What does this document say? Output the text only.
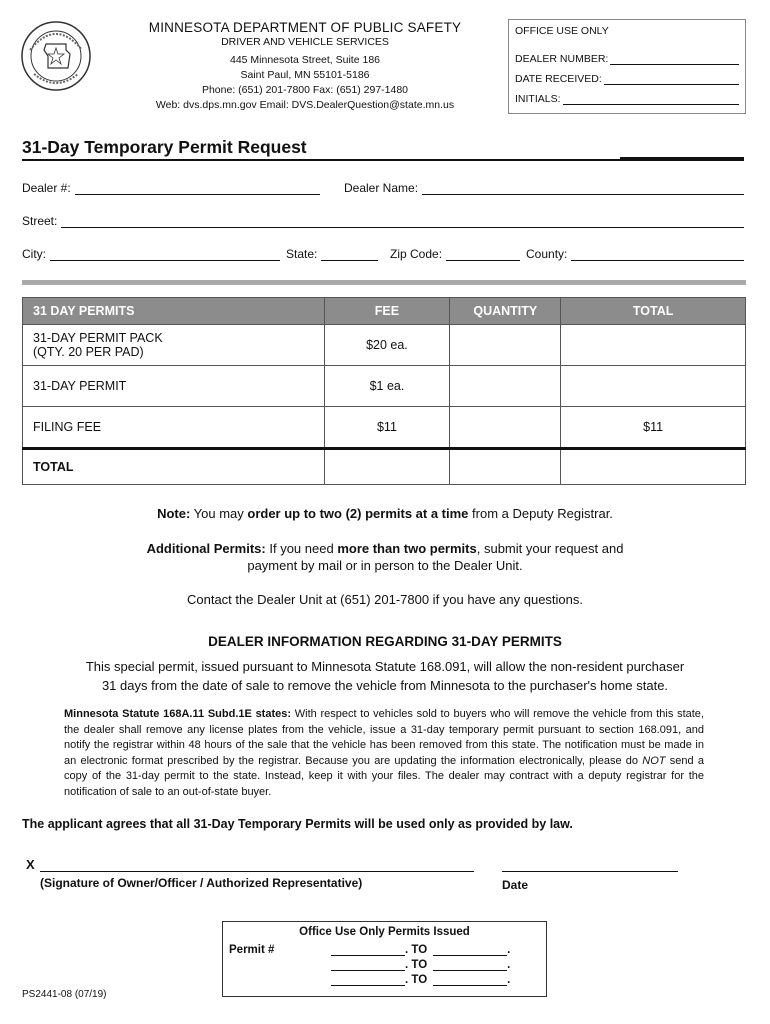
MINNESOTA DEPARTMENT OF PUBLIC SAFETY
DRIVER AND VEHICLE SERVICES
445 Minnesota Street, Suite 186
Saint Paul, MN 55101-5186
Phone: (651) 201-7800 Fax: (651) 297-1480
Web: dvs.dps.mn.gov Email: DVS.DealerQuestion@state.mn.us
OFFICE USE ONLY
DEALER NUMBER:
DATE RECEIVED:
INITIALS:
31-Day Temporary Permit Request
Dealer #:	Dealer Name:
Street:
City:	State:	Zip Code:	County:
31 DAY PERMITS	FEE	QUANTITY	TOTAL

31-DAY PERMIT PACK
(QTY. 20 PER PAD)	$20 ea.		
31-DAY PERMIT	$1 ea.		
FILING FEE	$11		$11
TOTAL			
Note: You may order up to two (2) permits at a time from a Deputy Registrar.
Additional Permits: If you need more than two permits, submit your request and
payment by mail or in person to the Dealer Unit.
Contact the Dealer Unit at (651) 201-7800 if you have any questions.
DEALER INFORMATION REGARDING 31-DAY PERMITS
This special permit, issued pursuant to Minnesota Statute 168.091, will allow the non-resident purchaser
31 days from the date of sale to remove the vehicle from Minnesota to the purchaser's home state.
Minnesota Statute 168A.11 Subd.1E states: With respect to vehicles sold to buyers who will remove the vehicle from this state, the dealer shall remove any license plates from the vehicle, issue a 31-day temporary permit pursuant to section 168.091, and notify the registrar within 48 hours of the sale that the vehicle has been removed from this state. The notification must be made in an electronic format prescribed by the registrar. Because you are updating the information electronically, please do NOT send a copy of the 31-day permit to the state. Instead, keep it with your files. The dealer may contract with a deputy registrar for the notification of sale to an out-of-state buyer.
The applicant agrees that all 31-Day Temporary Permits will be used only as provided by law.
X
(Signature of Owner/Officer / Authorized Representative)	Date
Office Use Only Permits Issued
Permit #	. TO	.
. TO	.
. TO	.
PS2441-08 (07/19)
